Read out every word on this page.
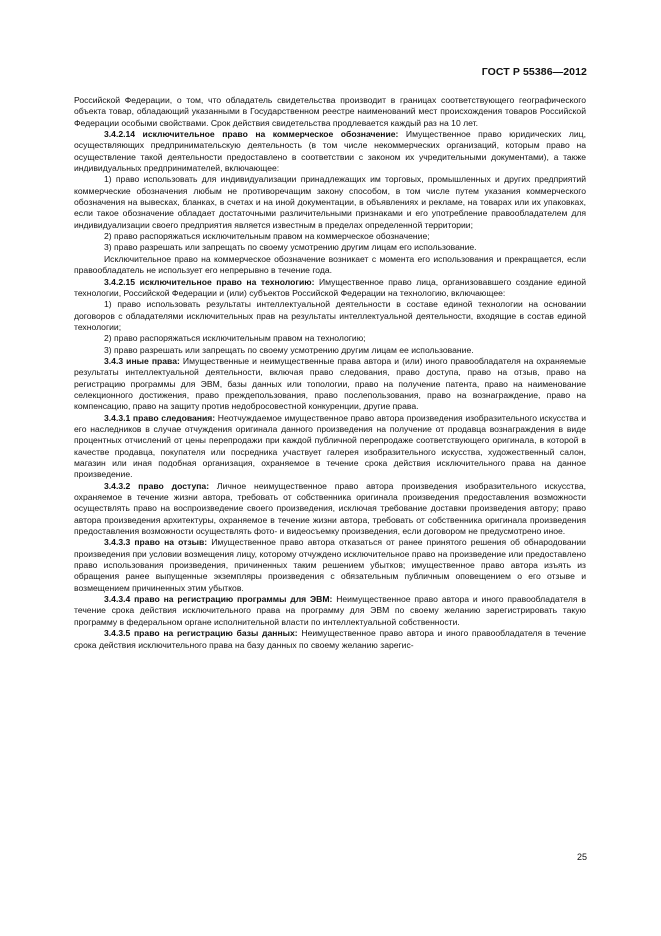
ГОСТ Р 55386—2012

Российской Федерации, о том, что обладатель свидетельства производит в границах соответствующего географического объекта товар, обладающий указанными в Государственном реестре наименований мест происхождения товаров Российской Федерации особыми свойствами. Срок действия свидетельства продлевается каждый раз на 10 лет.

3.4.2.14 исключительное право на коммерческое обозначение: Имущественное право юридических лиц, осуществляющих предпринимательскую деятельность (в том числе некоммерческих организаций, которым право на осуществление такой деятельности предоставлено в соответствии с законом их учредительными документами), а также индивидуальных предпринимателей, включающее:

1) право использовать для индивидуализации принадлежащих им торговых, промышленных и других предприятий коммерческие обозначения любым не противоречащим закону способом, в том числе путем указания коммерческого обозначения на вывесках, бланках, в счетах и на иной документации, в объявлениях и рекламе, на товарах или их упаковках, если такое обозначение обладает достаточными различительными признаками и его употребление правообладателем для индивидуализации своего предприятия является известным в пределах определенной территории;

2) право распоряжаться исключительным правом на коммерческое обозначение;

3) право разрешать или запрещать по своему усмотрению другим лицам его использование.

Исключительное право на коммерческое обозначение возникает с момента его использования и прекращается, если правообладатель не использует его непрерывно в течение года.

3.4.2.15 исключительное право на технологию: Имущественное право лица, организовавшего создание единой технологии, Российской Федерации и (или) субъектов Российской Федерации на технологию, включающее:

1) право использовать результаты интеллектуальной деятельности в составе единой технологии на основании договоров с обладателями исключительных прав на результаты интеллектуальной деятельности, входящие в состав единой технологии;

2) право распоряжаться исключительным правом на технологию;

3) право разрешать или запрещать по своему усмотрению другим лицам ее использование.

3.4.3 иные права: Имущественные и неимущественные права автора и (или) иного правообладателя на охраняемые результаты интеллектуальной деятельности, включая право следования, право доступа, право на отзыв, право на регистрацию программы для ЭВМ, базы данных или топологии, право на получение патента, право на наименование селекционного достижения, право преждепользования, право послепользования, право на вознаграждение, право на компенсацию, право на защиту против недобросовестной конкуренции, другие права.

3.4.3.1 право следования: Неотчуждаемое имущественное право автора произведения изобразительного искусства и его наследников в случае отчуждения оригинала данного произведения на получение от продавца вознаграждения в виде процентных отчислений от цены перепродажи при каждой публичной перепродаже соответствующего оригинала, в которой в качестве продавца, покупателя или посредника участвует галерея изобразительного искусства, художественный салон, магазин или иная подобная организация, охраняемое в течение срока действия исключительного права на данное произведение.

3.4.3.2 право доступа: Личное неимущественное право автора произведения изобразительного искусства, охраняемое в течение жизни автора, требовать от собственника оригинала произведения предоставления возможности осуществлять право на воспроизведение своего произведения, исключая требование доставки произведения автору; право автора произведения архитектуры, охраняемое в течение жизни автора, требовать от собственника оригинала произведения предоставления возможности осуществлять фото- и видеосъемку произведения, если договором не предусмотрено иное.

3.4.3.3 право на отзыв: Имущественное право автора отказаться от ранее принятого решения об обнародовании произведения при условии возмещения лицу, которому отчуждено исключительное право на произведение или предоставлено право использования произведения, причиненных таким решением убытков; имущественное право автора изъять из обращения ранее выпущенные экземпляры произведения с обязательным публичным оповещением о его отзыве и возмещением причиненных этим убытков.

3.4.3.4 право на регистрацию программы для ЭВМ: Неимущественное право автора и иного правообладателя в течение срока действия исключительного права на программу для ЭВМ по своему желанию зарегистрировать такую программу в федеральном органе исполнительной власти по интеллектуальной собственности.

3.4.3.5 право на регистрацию базы данных: Неимущественное право автора и иного правообладателя в течение срока действия исключительного права на базу данных по своему желанию зарегис-

25
